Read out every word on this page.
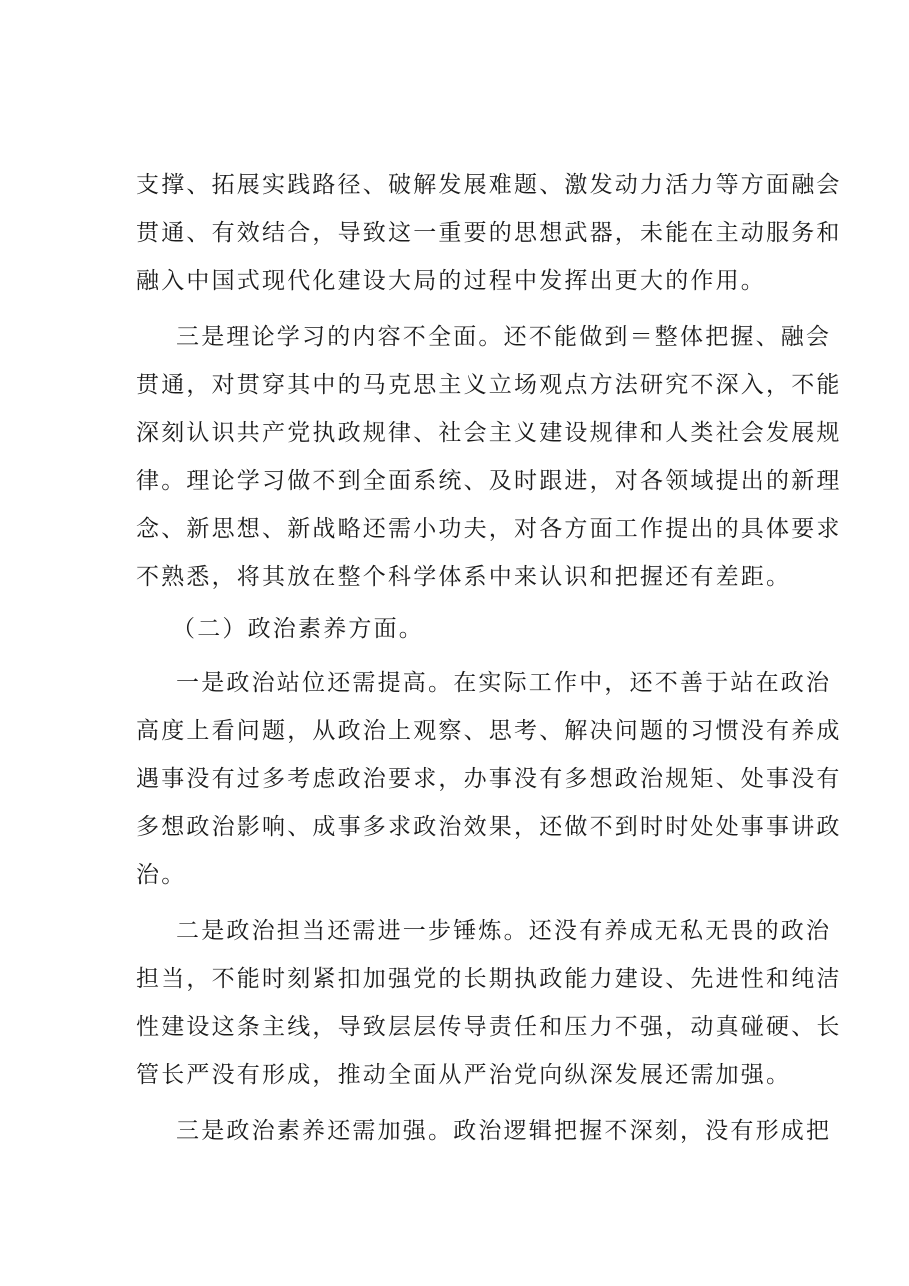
支撑、拓展实践路径、破解发展难题、激发动力活力等方面融会
贯通、有效结合，导致这一重要的思想武器，未能在主动服务和
融入中国式现代化建设大局的过程中发挥出更大的作用。
三是理论学习的内容不全面。还不能做到＝整体把握、融会
贯通，对贯穿其中的马克思主义立场观点方法研究不深入，不能
深刻认识共产党执政规律、社会主义建设规律和人类社会发展规
律。理论学习做不到全面系统、及时跟进，对各领域提出的新理
念、新思想、新战略还需小功夫，对各方面工作提出的具体要求
不熟悉，将其放在整个科学体系中来认识和把握还有差距。
（二）政治素养方面。
一是政治站位还需提高。在实际工作中，还不善于站在政治
高度上看问题，从政治上观察、思考、解决问题的习惯没有养成
遇事没有过多考虑政治要求，办事没有多想政治规矩、处事没有
多想政治影响、成事多求政治效果，还做不到时时处处事事讲政
治。
二是政治担当还需进一步锤炼。还没有养成无私无畏的政治
担当，不能时刻紧扣加强党的长期执政能力建设、先进性和纯洁
性建设这条主线，导致层层传导责任和压力不强，动真碰硬、长
管长严没有形成，推动全面从严治党向纵深发展还需加强。
三是政治素养还需加强。政治逻辑把握不深刻，没有形成把
